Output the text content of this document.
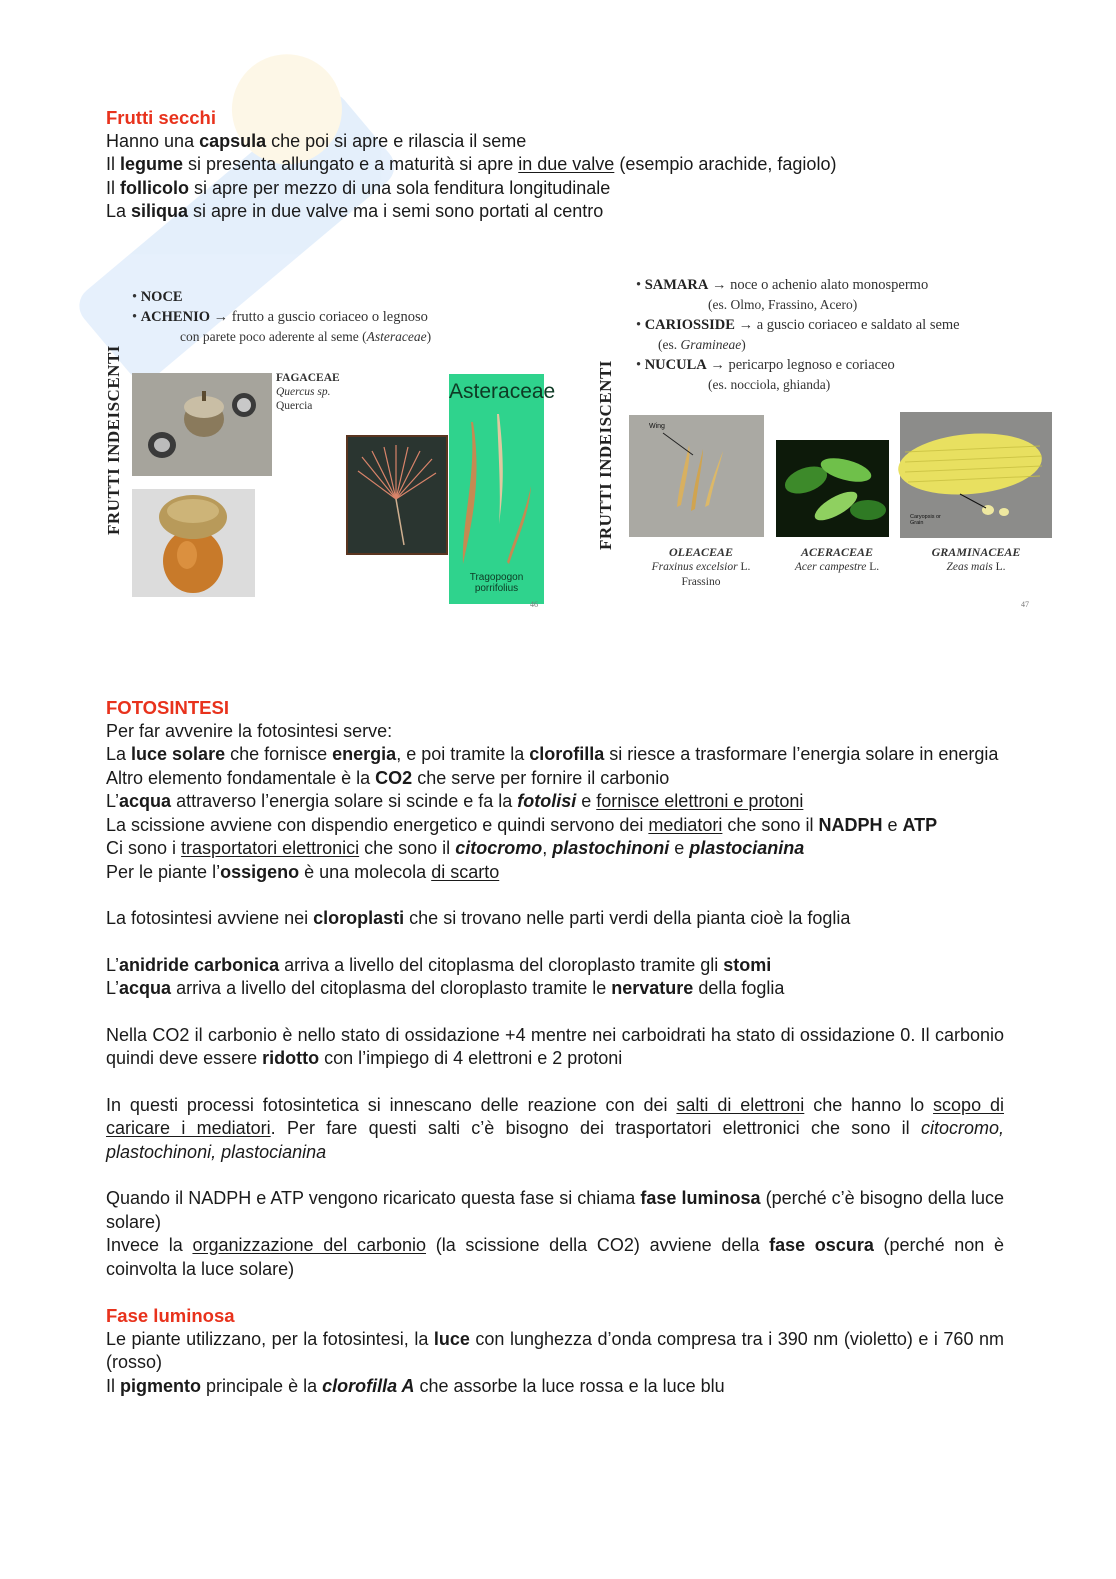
Frutti secchi

Hanno una capsula che poi si apre e rilascia il seme

Il legume si presenta allungato e a maturità si apre in due valve (esempio arachide, fagiolo)

Il follicolo si apre per mezzo di una sola fenditura longitudinale

La siliqua si apre in due valve ma i semi sono portati al centro

FRUTTI INDEISCENTI
• NOCE
• ACHENIO → frutto a guscio coriaceo o legnoso
con parete poco aderente al seme (Asteraceae)
FAGACEAE
Quercus sp.
Quercia
Asteraceae
Tragopogon porrifolius
46
FRUTTI INDEISCENTI
• SAMARA → noce o achenio alato monospermo
(es. Olmo, Frassino, Acero)
• CARIOSSIDE → a guscio coriaceo e saldato al seme
(es. Gramineae)
• NUCULA → pericarpo legnoso e coriaceo
(es. nocciola, ghianda)
Wing
Caryopsis or Grain
OLEACEAE
Fraxinus excelsior L.
Frassino
ACERACEAE
Acer campestre L.
GRAMINACEAE
Zeas mais L.
47

FOTOSINTESI

Per far avvenire la fotosintesi serve:

La luce solare che fornisce energia, e poi tramite la clorofilla si riesce a trasformare l’energia solare in energia

Altro elemento fondamentale è la CO2 che serve per fornire il carbonio

L’acqua attraverso l’energia solare si scinde e fa la fotolisi e fornisce elettroni e protoni

La scissione avviene con dispendio energetico e quindi servono dei mediatori che sono il NADPH e ATP

Ci sono i trasportatori elettronici che sono il citocromo, plastochinoni e plastocianina

Per le piante l’ossigeno è una molecola di scarto

La fotosintesi avviene nei cloroplasti che si trovano nelle parti verdi della pianta cioè la foglia

L’anidride carbonica arriva a livello del citoplasma del cloroplasto tramite gli stomi

L’acqua arriva a livello del citoplasma del cloroplasto tramite le nervature della foglia

Nella CO2 il carbonio è nello stato di ossidazione +4 mentre nei carboidrati ha stato di ossidazione 0. Il carbonio quindi deve essere ridotto con l’impiego di 4 elettroni e 2 protoni

In questi processi fotosintetica si innescano delle reazione con dei salti di elettroni che hanno lo scopo di caricare i mediatori. Per fare questi salti c’è bisogno dei trasportatori elettronici che sono il citocromo, plastochinoni, plastocianina

Quando il NADPH e ATP vengono ricaricato questa fase si chiama fase luminosa (perché c’è bisogno della luce solare)

Invece la organizzazione del carbonio (la scissione della CO2) avviene della fase oscura (perché non è coinvolta la luce solare)

Fase luminosa

Le piante utilizzano, per la fotosintesi, la luce con lunghezza d’onda compresa tra i 390 nm (violetto) e i 760 nm (rosso)

Il pigmento principale è la clorofilla A che assorbe la luce rossa e la luce blu
